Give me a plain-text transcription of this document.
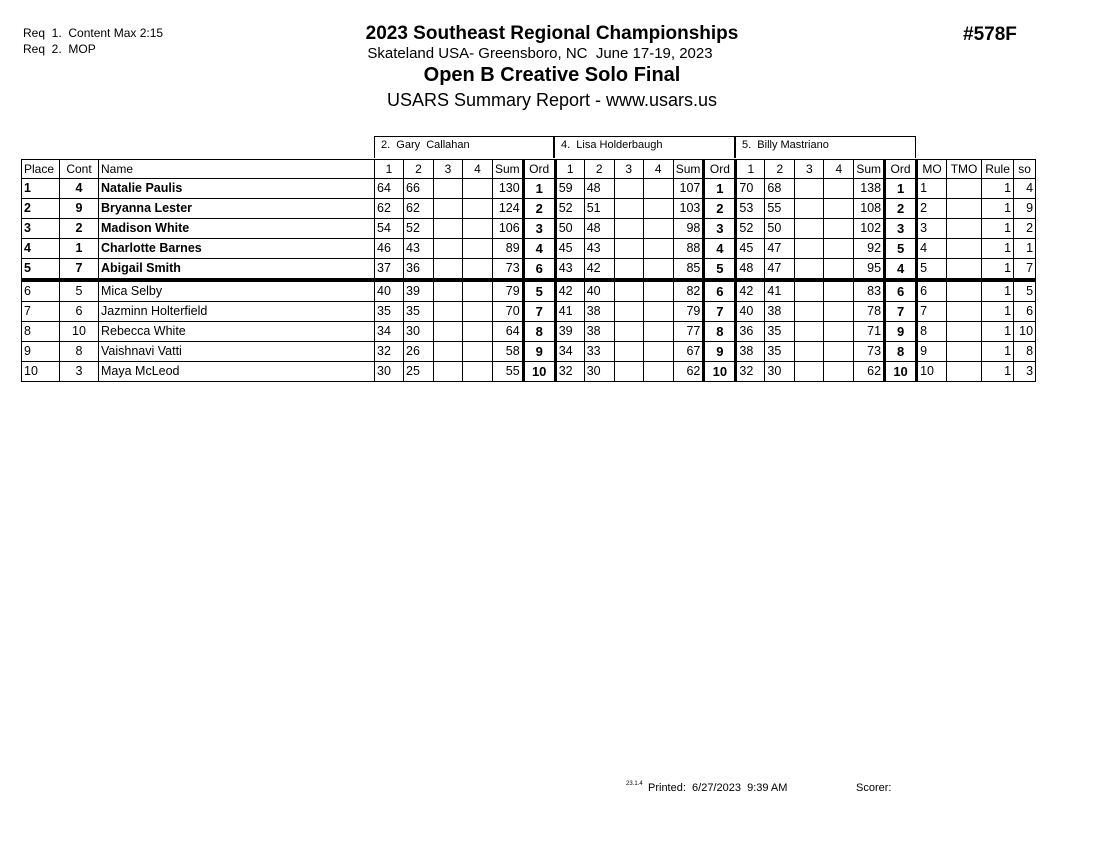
Req  1.  Content Max 2:15
Req  2.  MOP
2023 Southeast Regional Championships
Skateland USA- Greensboro, NC  June 17-19, 2023
Open B Creative Solo Final
USARS Summary Report - www.usars.us
#578F
2.  Gary  Callahan	4.  Lisa Holderbaugh	5.  Billy Mastriano
Place	Cont	Name	1	2	3	4	Sum	Ord	1	2	3	4	Sum	Ord	1	2	3	4	Sum	Ord	MO	TMO	Rule	so
1	4	Natalie Paulis	64	66			130	1	59	48			107	1	70	68			138	1	1		1	4
2	9	Bryanna Lester	62	62			124	2	52	51			103	2	53	55			108	2	2		1	9
3	2	Madison White	54	52			106	3	50	48			98	3	52	50			102	3	3		1	2
4	1	Charlotte Barnes	46	43			89	4	45	43			88	4	45	47			92	5	4		1	1
5	7	Abigail Smith	37	36			73	6	43	42			85	5	48	47			95	4	5		1	7
6	5	Mica Selby	40	39			79	5	42	40			82	6	42	41			83	6	6		1	5
7	6	Jazminn Holterfield	35	35			70	7	41	38			79	7	40	38			78	7	7		1	6
8	10	Rebecca White	34	30			64	8	39	38			77	8	36	35			71	9	8		1	10
9	8	Vaishnavi Vatti	32	26			58	9	34	33			67	9	38	35			73	8	9		1	8
10	3	Maya McLeod	30	25			55	10	32	30			62	10	32	30			62	10	10		1	3
23.1.4 Printed:  6/27/2023  9:39 AM	Scorer:
